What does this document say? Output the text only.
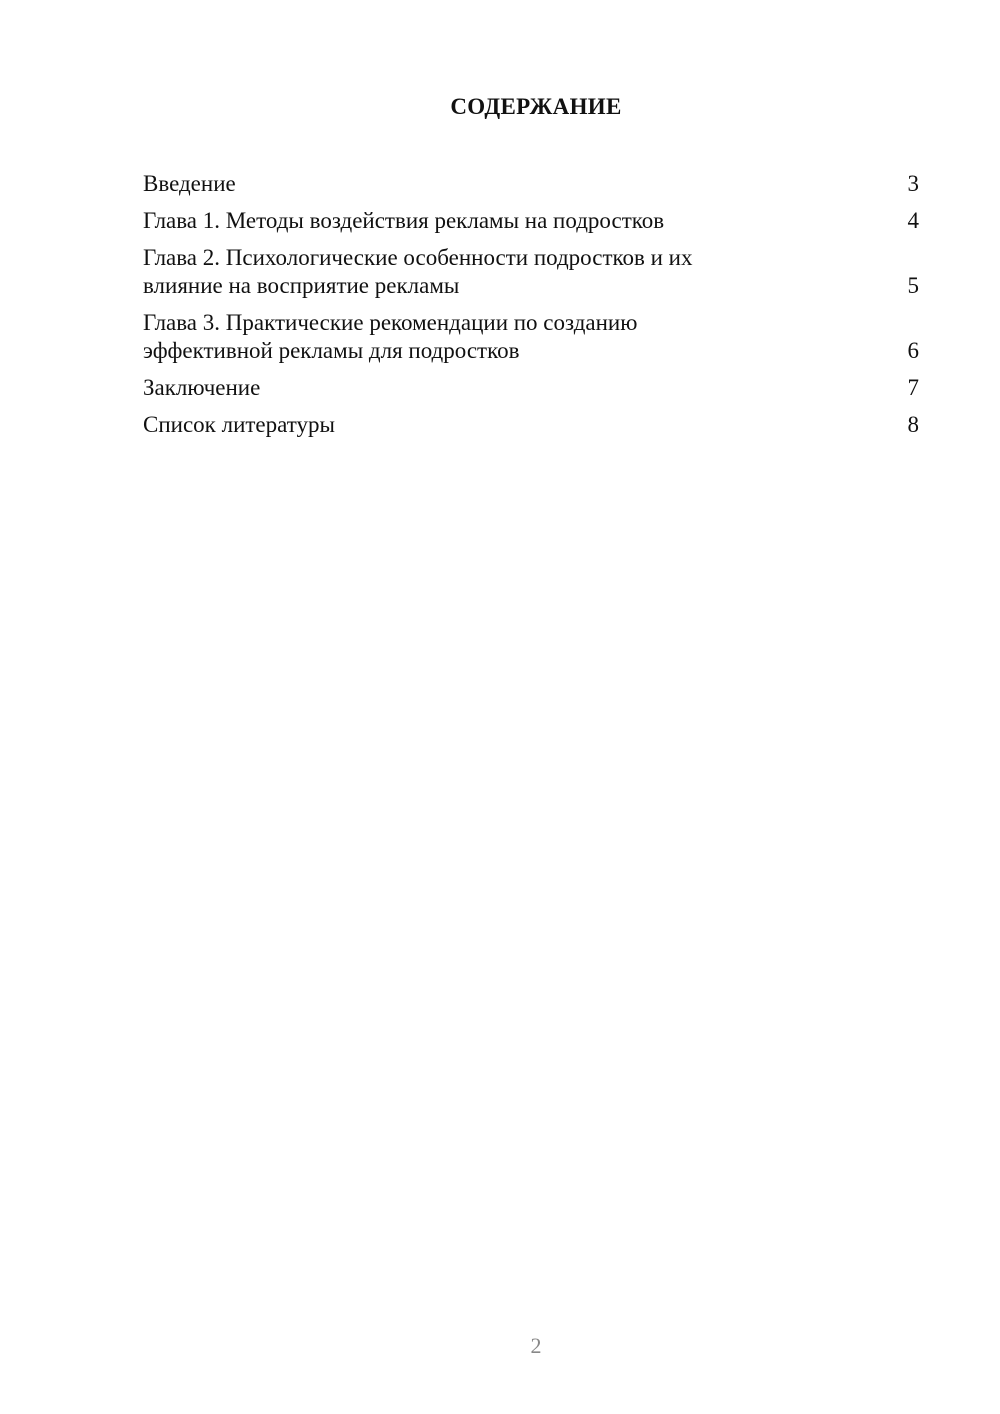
СОДЕРЖАНИЕ
Введение	3
Глава 1. Методы воздействия рекламы на подростков	4
Глава 2. Психологические особенности подростков и их влияние на восприятие рекламы	5
Глава 3. Практические рекомендации по созданию эффективной рекламы для подростков	6
Заключение	7
Список литературы	8
2
